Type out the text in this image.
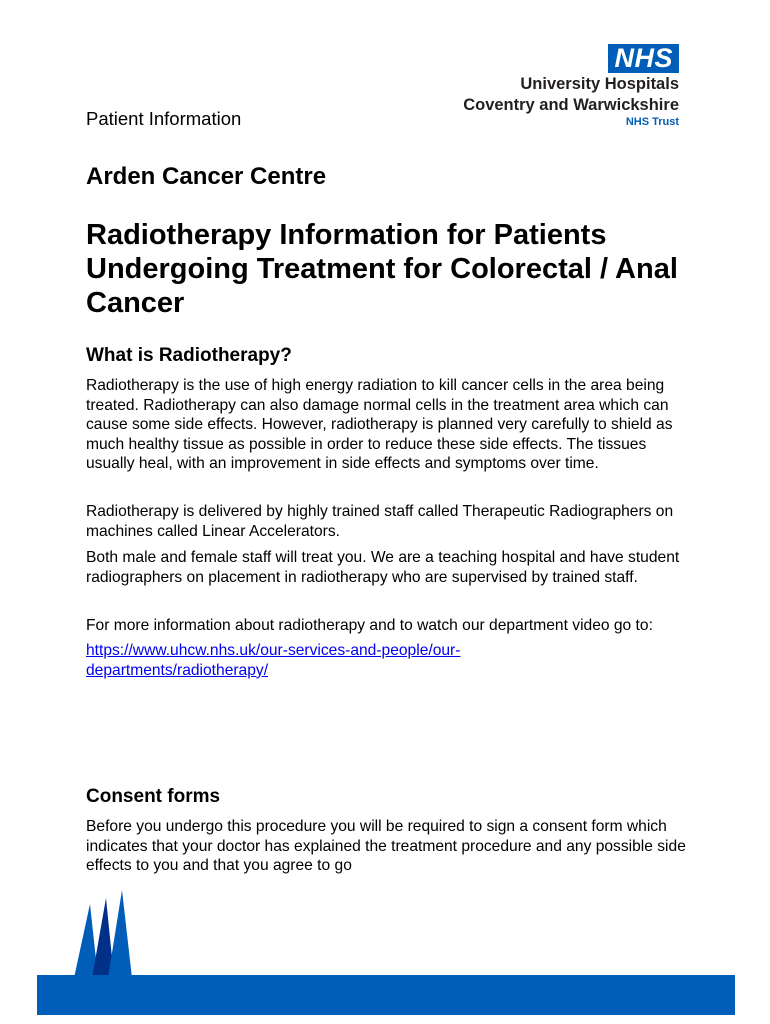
NHS
University Hospitals
Coventry and Warwickshire
NHS Trust
Patient Information
Arden Cancer Centre
Radiotherapy Information for Patients Undergoing Treatment for Colorectal / Anal Cancer
What is Radiotherapy?

Radiotherapy is the use of high energy radiation to kill cancer cells in the area being treated. Radiotherapy can also damage normal cells in the treatment area which can cause some side effects. However, radiotherapy is planned very carefully to shield as much healthy tissue as possible in order to reduce these side effects. The tissues usually heal, with an improvement in side effects and symptoms over time.

Radiotherapy is delivered by highly trained staff called Therapeutic Radiographers on machines called Linear Accelerators.

Both male and female staff will treat you. We are a teaching hospital and have student radiographers on placement in radiotherapy who are supervised by trained staff.

For more information about radiotherapy and to watch our department video go to:

https://www.uhcw.nhs.uk/our-services-and-people/our-departments/radiotherapy/

Consent forms

Before you undergo this procedure you will be required to sign a consent form which indicates that your doctor has explained the treatment procedure and any possible side effects to you and that you agree to go
